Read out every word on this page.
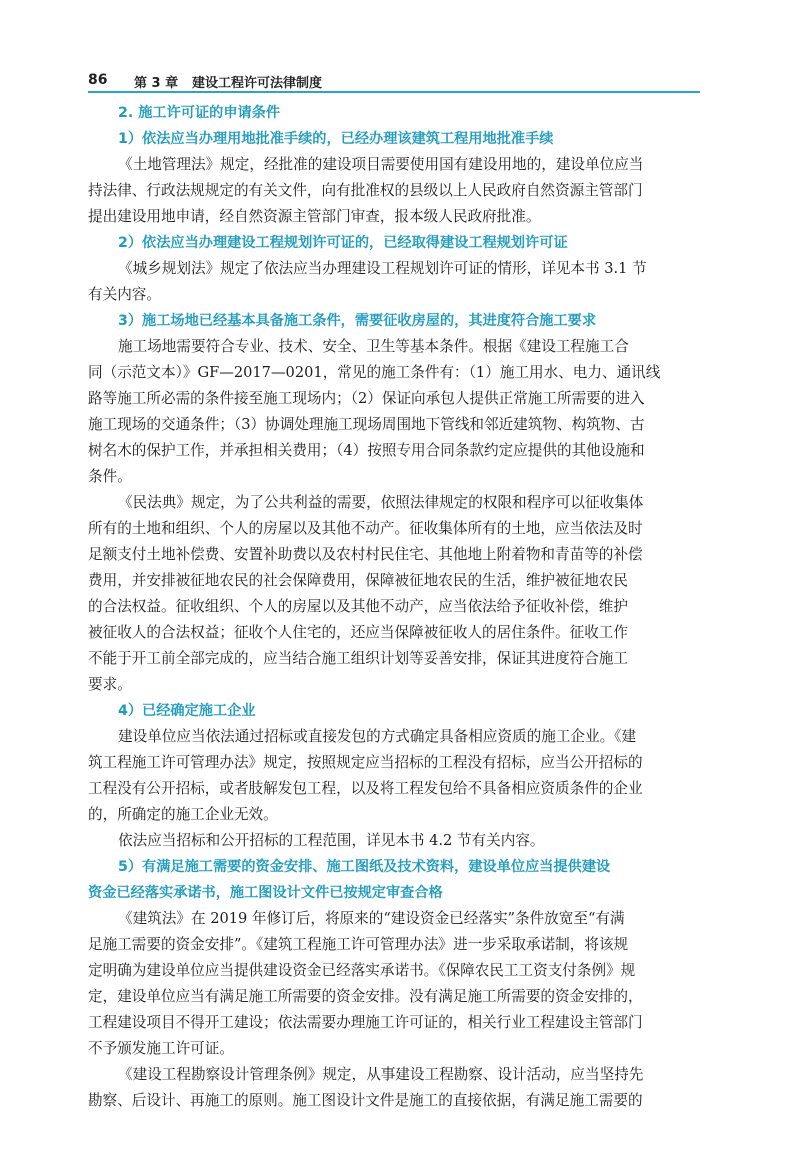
86 第 3 章 建设工程许可法律制度
2. 施工许可证的申请条件
1）依法应当办理用地批准手续的，已经办理该建筑工程用地批准手续
《土地管理法》规定，经批准的建设项目需要使用国有建设用地的，建设单位应当
持法律、行政法规规定的有关文件，向有批准权的县级以上人民政府自然资源主管部门
提出建设用地申请，经自然资源主管部门审查，报本级人民政府批准。
2）依法应当办理建设工程规划许可证的，已经取得建设工程规划许可证
《城乡规划法》规定了依法应当办理建设工程规划许可证的情形，详见本书 3.1 节
有关内容。
3）施工场地已经基本具备施工条件，需要征收房屋的，其进度符合施工要求
施工场地需要符合专业、技术、安全、卫生等基本条件。根据《建设工程施工合
同（示范文本）》GF—2017—0201，常见的施工条件有：（1）施工用水、电力、通讯线
路等施工所必需的条件接至施工现场内；（2）保证向承包人提供正常施工所需要的进入
施工现场的交通条件；（3）协调处理施工现场周围地下管线和邻近建筑物、构筑物、古
树名木的保护工作，并承担相关费用；（4）按照专用合同条款约定应提供的其他设施和
条件。
《民法典》规定，为了公共利益的需要，依照法律规定的权限和程序可以征收集体
所有的土地和组织、个人的房屋以及其他不动产。征收集体所有的土地，应当依法及时
足额支付土地补偿费、安置补助费以及农村村民住宅、其他地上附着物和青苗等的补偿
费用，并安排被征地农民的社会保障费用，保障被征地农民的生活，维护被征地农民
的合法权益。征收组织、个人的房屋以及其他不动产，应当依法给予征收补偿，维护
被征收人的合法权益；征收个人住宅的，还应当保障被征收人的居住条件。征收工作
不能于开工前全部完成的，应当结合施工组织计划等妥善安排，保证其进度符合施工
要求。
4）已经确定施工企业
建设单位应当依法通过招标或直接发包的方式确定具备相应资质的施工企业。《建
筑工程施工许可管理办法》规定，按照规定应当招标的工程没有招标，应当公开招标的
工程没有公开招标，或者肢解发包工程，以及将工程发包给不具备相应资质条件的企业
的，所确定的施工企业无效。
依法应当招标和公开招标的工程范围，详见本书 4.2 节有关内容。
5）有满足施工需要的资金安排、施工图纸及技术资料，建设单位应当提供建设
资金已经落实承诺书，施工图设计文件已按规定审查合格
《建筑法》在 2019 年修订后，将原来的“建设资金已经落实”条件放宽至“有满
足施工需要的资金安排”。《建筑工程施工许可管理办法》进一步采取承诺制，将该规
定明确为建设单位应当提供建设资金已经落实承诺书。《保障农民工工资支付条例》规
定，建设单位应当有满足施工所需要的资金安排。没有满足施工所需要的资金安排的，
工程建设项目不得开工建设；依法需要办理施工许可证的，相关行业工程建设主管部门
不予颁发施工许可证。
《建设工程勘察设计管理条例》规定，从事建设工程勘察、设计活动，应当坚持先
勘察、后设计、再施工的原则。施工图设计文件是施工的直接依据，有满足施工需要的
